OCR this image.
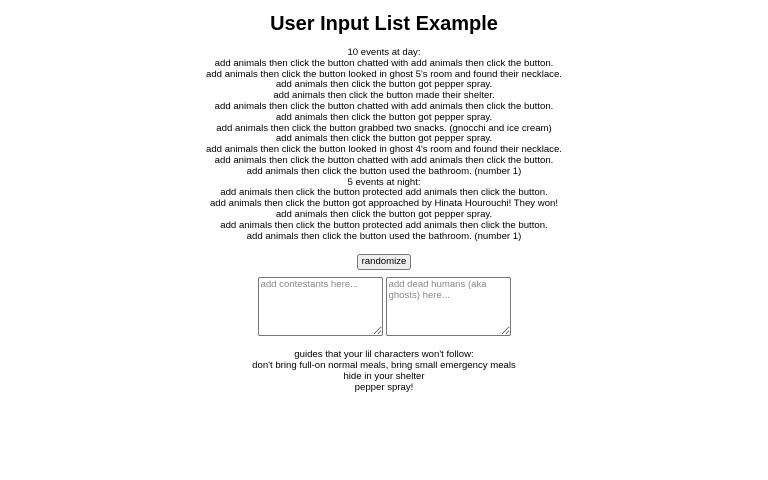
User Input List Example
10 events at day:
add animals then click the button chatted with add animals then click the button.
add animals then click the button looked in ghost 5's room and found their necklace.
add animals then click the button got pepper spray.
add animals then click the button made their shelter.
add animals then click the button chatted with add animals then click the button.
add animals then click the button got pepper spray.
add animals then click the button grabbed two snacks. (gnocchi and ice cream)
add animals then click the button got pepper spray.
add animals then click the button looked in ghost 4's room and found their necklace.
add animals then click the button chatted with add animals then click the button.
add animals then click the button used the bathroom. (number 1)
5 events at night:
add animals then click the button protected add animals then click the button.
add animals then click the button got approached by Hinata Hourouchi! They won!
add animals then click the button got pepper spray.
add animals then click the button protected add animals then click the button.
add animals then click the button used the bathroom. (number 1)
randomize
add contestants here...
add dead humans (aka ghosts) here...
guides that your lil characters won't follow:
don't bring full-on normal meals, bring small emergency meals
hide in your shelter
pepper spray!
